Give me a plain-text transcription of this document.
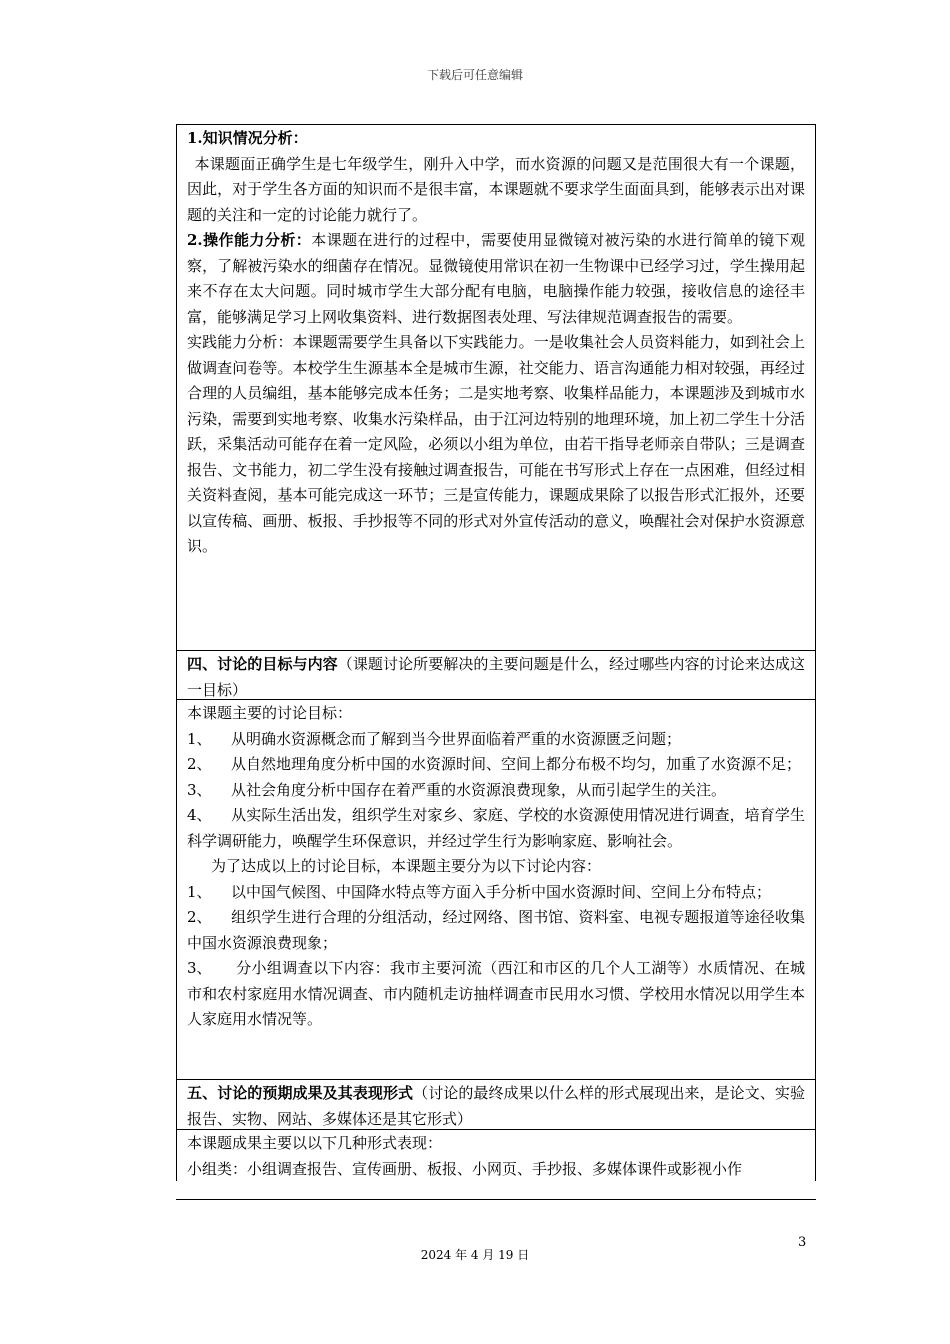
下载后可任意编辑

1.知识情况分析：

本课题面正确学生是七年级学生，刚升入中学，而水资源的问题又是范围很大有一个课题，因此，对于学生各方面的知识而不是很丰富，本课题就不要求学生面面具到，能够表示出对课题的关注和一定的讨论能力就行了。

2.操作能力分析：本课题在进行的过程中，需要使用显微镜对被污染的水进行简单的镜下观察，了解被污染水的细菌存在情况。显微镜使用常识在初一生物课中已经学习过，学生操用起来不存在太大问题。同时城市学生大部分配有电脑，电脑操作能力较强，接收信息的途径丰富，能够满足学习上网收集资料、进行数据图表处理、写法律规范调查报告的需要。

实践能力分析：本课题需要学生具备以下实践能力。一是收集社会人员资料能力，如到社会上做调查问卷等。本校学生生源基本全是城市生源，社交能力、语言沟通能力相对较强，再经过合理的人员编组，基本能够完成本任务；二是实地考察、收集样品能力，本课题涉及到城市水污染，需要到实地考察、收集水污染样品，由于江河边特别的地理环境，加上初二学生十分活跃，采集活动可能存在着一定风险，必须以小组为单位，由若干指导老师亲自带队；三是调查报告、文书能力，初二学生没有接触过调查报告，可能在书写形式上存在一点困难，但经过相关资料查阅，基本可能完成这一环节；三是宣传能力，课题成果除了以报告形式汇报外，还要以宣传稿、画册、板报、手抄报等不同的形式对外宣传活动的意义，唤醒社会对保护水资源意识。

四、讨论的目标与内容（课题讨论所要解决的主要问题是什么，经过哪些内容的讨论来达成这一目标）

本课题主要的讨论目标：

1、 从明确水资源概念而了解到当今世界面临着严重的水资源匮乏问题；

2、 从自然地理角度分析中国的水资源时间、空间上都分布极不均匀，加重了水资源不足；

3、 从社会角度分析中国存在着严重的水资源浪费现象，从而引起学生的关注。

4、 从实际生活出发，组织学生对家乡、家庭、学校的水资源使用情况进行调查，培育学生科学调研能力，唤醒学生环保意识，并经过学生行为影响家庭、影响社会。

为了达成以上的讨论目标，本课题主要分为以下讨论内容：

1、 以中国气候图、中国降水特点等方面入手分析中国水资源时间、空间上分布特点；

2、 组织学生进行合理的分组活动，经过网络、图书馆、资料室、电视专题报道等途径收集中国水资源浪费现象；

3、 分小组调查以下内容：我市主要河流（西江和市区的几个人工湖等）水质情况、在城市和农村家庭用水情况调查、市内随机走访抽样调查市民用水习惯、学校用水情况以用学生本人家庭用水情况等。

五、讨论的预期成果及其表现形式（讨论的最终成果以什么样的形式展现出来，是论文、实验报告、实物、网站、多媒体还是其它形式）

本课题成果主要以以下几种形式表现：

小组类：小组调查报告、宣传画册、板报、小网页、手抄报、多媒体课件或影视小作

3
2024 年 4 月 19 日
